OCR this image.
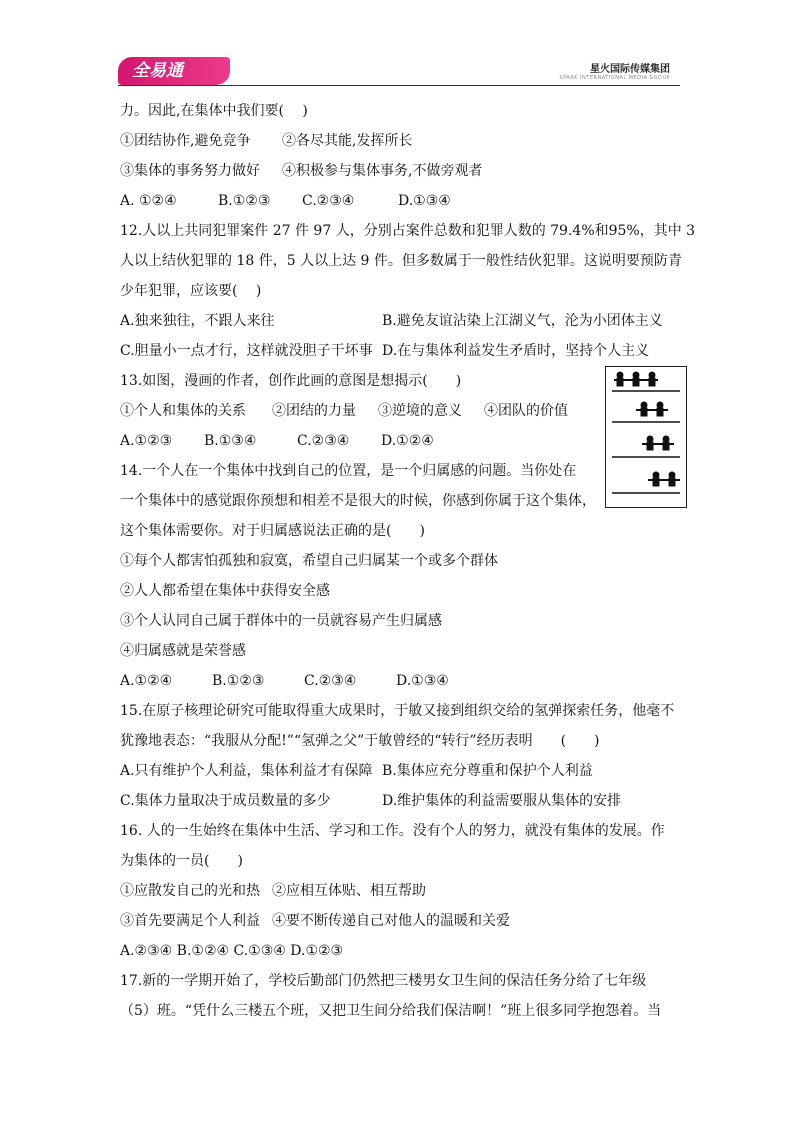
全易通	星火国际传媒集团
SPARK INTERNATIONAL MEDIA GROUP
力。因此,在集体中我们要(　 )
①团结协作,避免竞争	②各尽其能,发挥所长
③集体的事务努力做好	④积极参与集体事务,不做旁观者
A. ①②④	B.①②③	C.②③④	D.①③④
12.人以上共同犯罪案件 27 件 97 人，分别占案件总数和犯罪人数的 79.4%和95%，其中 3
人以上结伙犯罪的 18 件，5 人以上达 9 件。但多数属于一般性结伙犯罪。这说明要预防青
少年犯罪，应该要(　 )
A.独来独往，不跟人来往	B.避免友谊沾染上江湖义气，沦为小团体主义
C.胆量小一点才行，这样就没胆子干坏事 D.在与集体利益发生矛盾时，坚持个人主义
13.如图，漫画的作者，创作此画的意图是想揭示(　　)
①个人和集体的关系	②团结的力量	③逆境的意义	④团队的价值
A.①②③	B.①③④	C.②③④	D.①②④
14.一个人在一个集体中找到自己的位置，是一个归属感的问题。当你处在
一个集体中的感觉跟你预想和相差不是很大的时候，你感到你属于这个集体，
这个集体需要你。对于归属感说法正确的是(　　)
①每个人都害怕孤独和寂寞，希望自己归属某一个或多个群体
②人人都希望在集体中获得安全感
③个人认同自己属于群体中的一员就容易产生归属感
④归属感就是荣誉感
A.①②④	B.①②③	C.②③④	D.①③④
15.在原子核理论研究可能取得重大成果时，于敏又接到组织交给的氢弹探索任务，他毫不
犹豫地表态：“我服从分配!”“氢弹之父”于敏曾经的“转行”经历表明　　(　　)
A.只有维护个人利益，集体利益才有保障 B.集体应充分尊重和保护个人利益
C.集体力量取决于成员数量的多少	D.维护集体的利益需要服从集体的安排
16. 人的一生始终在集体中生活、学习和工作。没有个人的努力，就没有集体的发展。作
为集体的一员(　　)
①应散发自己的光和热 ②应相互体贴、相互帮助
③首先要满足个人利益 ④要不断传递自己对他人的温暖和关爱
A.②③④ B.①②④ C.①③④ D.①②③
17.新的一学期开始了，学校后勤部门仍然把三楼男女卫生间的保洁任务分给了七年级
（5）班。“凭什么三楼五个班，又把卫生间分给我们保洁啊！”班上很多同学抱怨着。当
